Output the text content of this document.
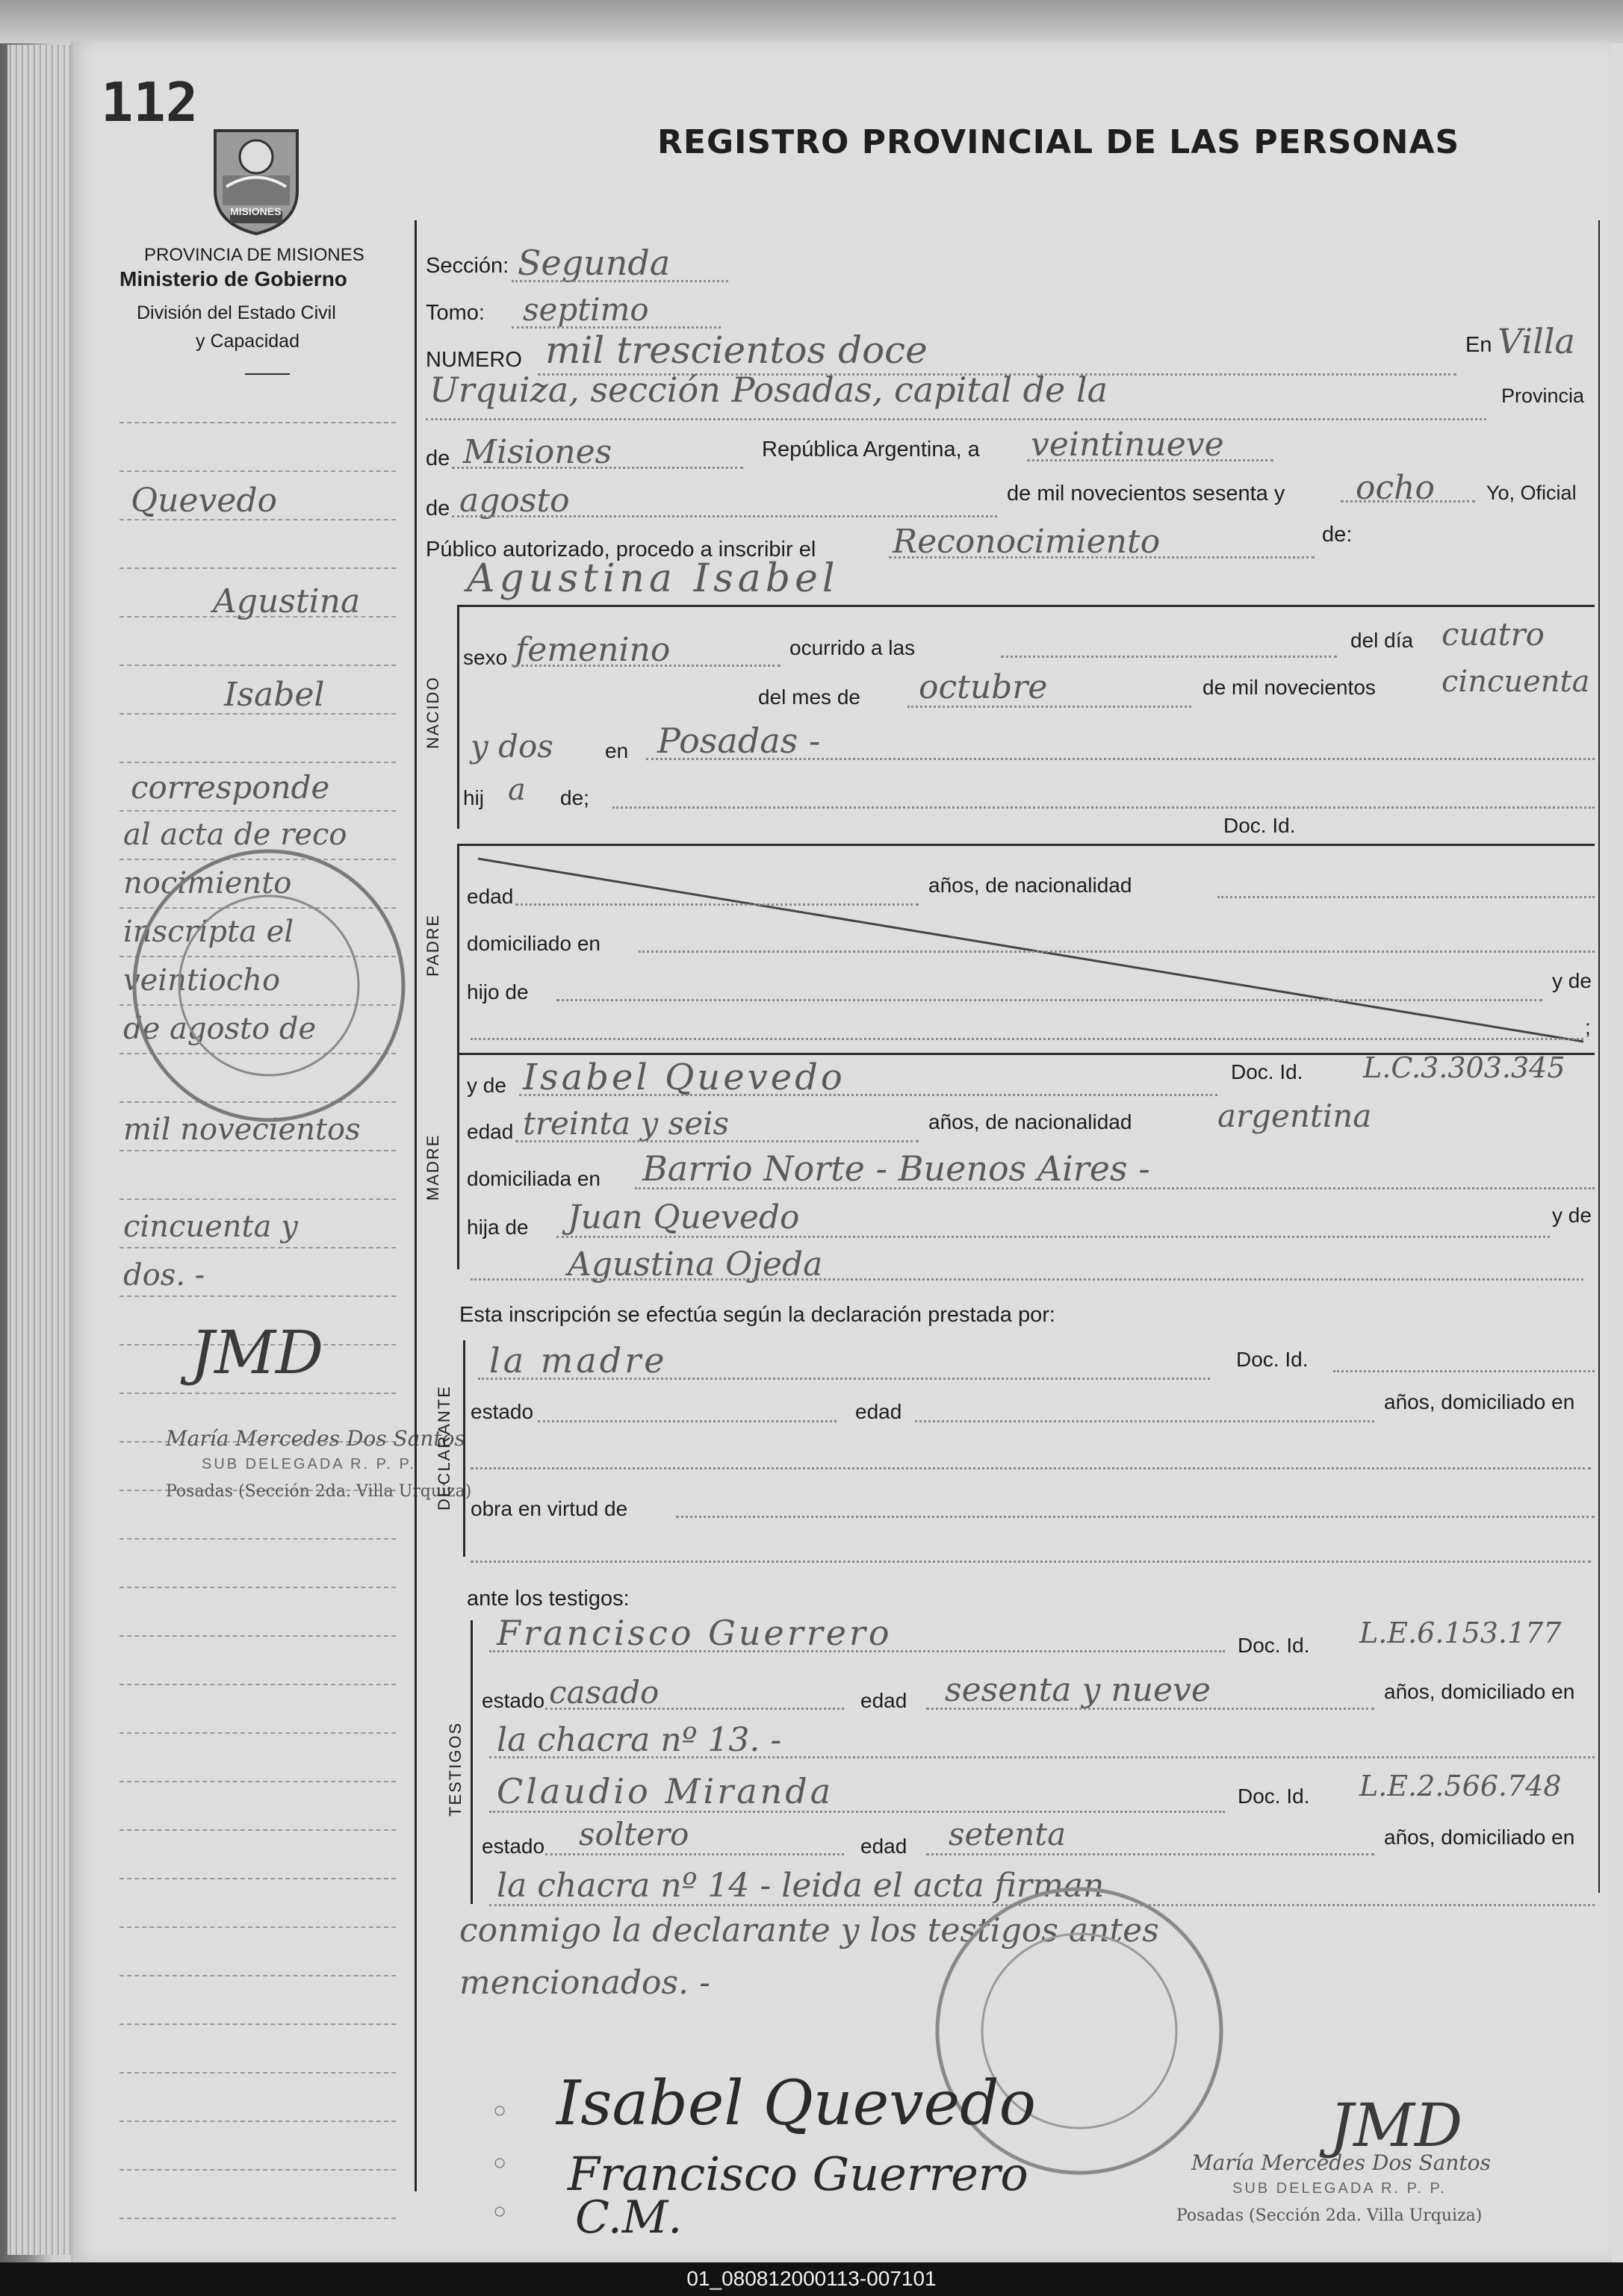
112
REGISTRO PROVINCIAL DE LAS PERSONAS
MISIONES
PROVINCIA DE MISIONES
Ministerio de Gobierno
División del Estado Civil
y Capacidad
Quevedo
Agustina
Isabel
corresponde
al acta de reco
nocimiento
inscripta el
veintiocho
de agosto de
mil novecientos
cincuenta y
dos. -
JMD
María Mercedes Dos Santos
SUB DELEGADA R. P. P.
Posadas (Sección 2da. Villa Urquiza)
Sección: Segunda
Tomo: septimo
NUMERO mil trescientos doce	En Villa
Urquiza, sección Posadas, capital de la	Provincia
de Misiones	República Argentina, a veintinueve
de agosto	de mil novecientos sesenta y ocho	Yo, Oficial
Público autorizado, procedo a inscribir el Reconocimiento	de:
Agustina Isabel
NACIDO
sexo femenino	ocurrido a las	del día cuatro
del mes de octubre	de mil novecientos cincuenta
y dos en Posadas -
hij a de;
Doc. Id.
PADRE
edad	años, de nacionalidad
domiciliado en
hijo de	y de
;
MADRE
y de Isabel Quevedo	Doc. Id. L.C.3.303.345
edad treinta y seis	años, de nacionalidad	argentina
domiciliada en Barrio Norte - Buenos Aires -
hija de Juan Quevedo	y de
Agustina Ojeda
Esta inscripción se efectúa según la declaración prestada por:
DECLARANTE
la madre	Doc. Id.
estado	edad	años, domiciliado en
obra en virtud de
ante los testigos:
TESTIGOS
Francisco Guerrero	Doc. Id. L.E.6.153.177
estado casado	edad sesenta y nueve	años, domiciliado en
la chacra nº 13. -
Claudio Miranda	Doc. Id. L.E.2.566.748
estado soltero	edad setenta	años, domiciliado en
la chacra nº 14 - leida el acta firman
conmigo la declarante y los testigos antes
mencionados. -
○
○
○
Isabel Quevedo
Francisco Guerrero
C.M.
JMD
María Mercedes Dos Santos
SUB DELEGADA R. P. P.
Posadas (Sección 2da. Villa Urquiza)
01_080812000113-007101
